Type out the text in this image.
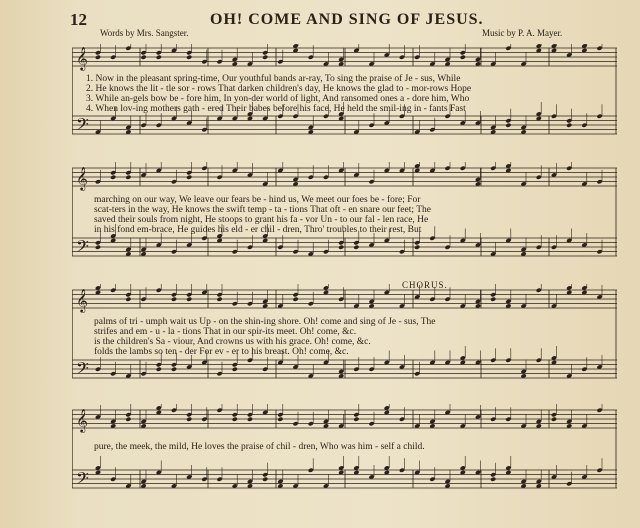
12	OH! COME AND SING OF JESUS.
Words by Mrs. Sangster.	Music by P. A. Mayer.
𝄞
𝄢
1. Now in the pleasant spring-time, Our youthful bands ar-ray, To sing the praise of Je - sus, While
2. He knows the lit - tle sor - rows That darken children's day, He knows the glad to - mor-rows Hope
3. While an-gels bow be - fore him, In yon-der world of light, And ransomed ones a - dore him, Who
4. When lov-ing mothers gath - ered Their babes before his face, He held the smil-ing in - fants Fast
𝄞
𝄢
marching on our way, We leave our fears be - hind us, We meet our foes be - fore; For
scat-ters in the way, He knows the swift temp - ta - tions That oft - en snare our feet; The
saved their souls from night, He stoops to grant his fa - vor Un - to our fal - len race, He
in his fond em-brace, He guides his eld - er chil - dren, Thro' troubles to their rest, But
CHORUS.
𝄞
𝄢
palms of tri - umph wait us Up - on the shin-ing shore. Oh! come and sing of Je - sus, The
strifes and em - u - la - tions That in our spir-its meet. Oh! come, &c.
is the children's Sa - viour, And crowns us with his grace. Oh! come, &c.
folds the lambs so ten - der For ev - er to his breast. Oh! come, &c.
𝄞
𝄢
pure, the meek, the mild, He loves the praise of chil - dren, Who was him - self a child.
